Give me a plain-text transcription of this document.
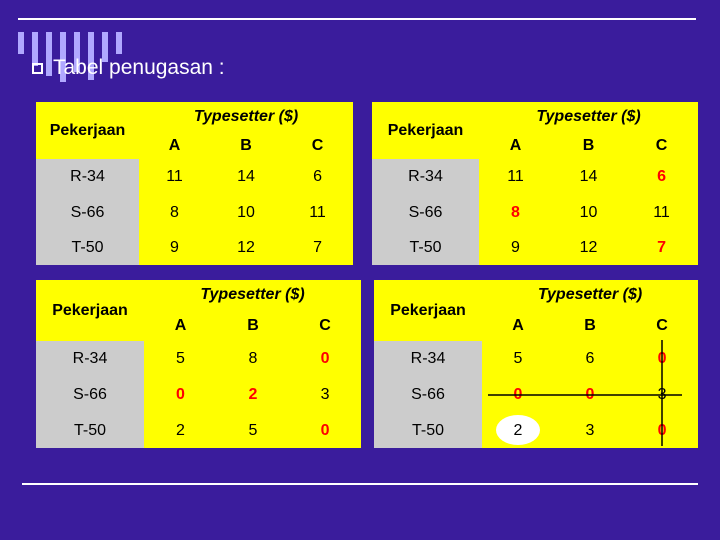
Tabel penugasan :
Pekerjaan	Typesetter ($)		
	A	B	C
R-34	11	14	6
S-66	8	10	11
T-50	9	12	7
Pekerjaan	Typesetter ($)		
	A	B	C
R-34	11	14	6
S-66	8	10	11
T-50	9	12	7
Pekerjaan	Typesetter ($)		
	A	B	C
R-34	5	8	0
S-66	0	2	3
T-50	2	5	0
Pekerjaan	Typesetter ($)		
	A	B	C
R-34	5	6	0
S-66	0	0	3
T-50	2	3	0
